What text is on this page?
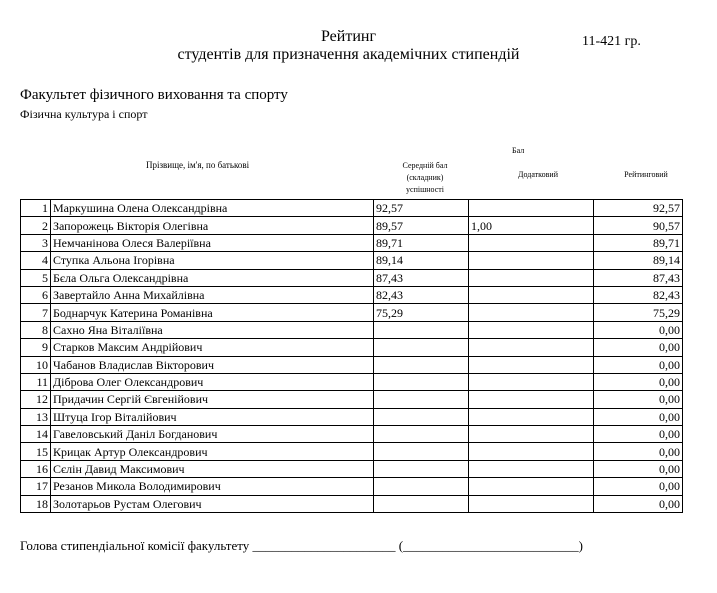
Рейтинг
студентів для призначення академічних стипендій
11-421 гр.
Факультет фізичного виховання та спорту
Фізична культура і спорт
Бал
Прізвище, ім'я, по батькові	Середній бал
(складник)
успішності
Додатковий	Рейтинговий
1	Маркушина Олена Олександрівна	92,57		92,57
2	Запорожець Вікторія Олегівна	89,57	1,00	90,57
3	Немчанінова Олеся Валеріївна	89,71		89,71
4	Ступка Альона Ігорівна	89,14		89,14
5	Бєла Ольга Олександрівна	87,43		87,43
6	Завертайло Анна Михайлівна	82,43		82,43
7	Боднарчук Катерина Романівна	75,29		75,29
8	Сахно Яна Віталіївна			0,00
9	Старков Максим Андрійович			0,00
10	Чабанов Владислав Вікторович			0,00
11	Діброва Олег Олександрович			0,00
12	Придачин Сергій Євгенійович			0,00
13	Штуца Ігор Віталійович			0,00
14	Гавеловський Даніл Богданович			0,00
15	Крицак Артур Олександрович			0,00
16	Сєлін Давид Максимович			0,00
17	Резанов Микола Володимирович			0,00
18	Золотарьов Рустам Олегович			0,00
Голова стипендіальної комісії факультету ______________________ (___________________________)
